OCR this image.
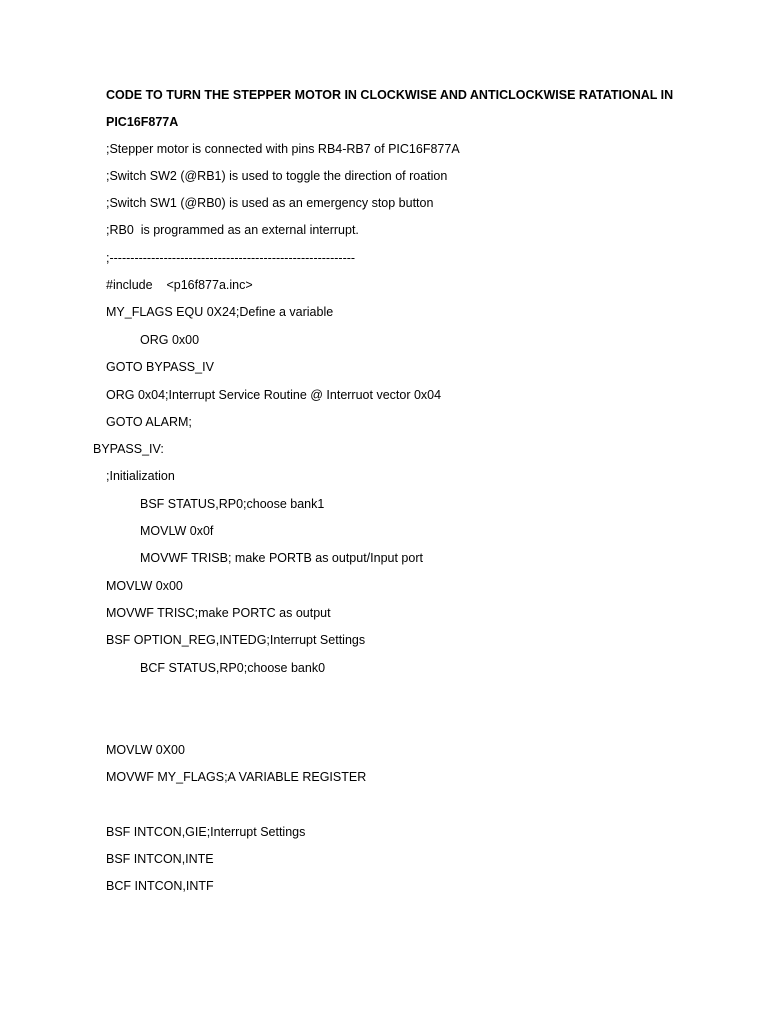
CODE TO TURN THE STEPPER MOTOR IN CLOCKWISE AND ANTICLOCKWISE RATATIONAL IN
PIC16F877A
;Stepper motor is connected with pins RB4-RB7 of PIC16F877A
;Switch SW2 (@RB1) is used to toggle the direction of roation
;Switch SW1 (@RB0) is used as an emergency stop button
;RB0  is programmed as an external interrupt.
;-----------------------------------------------------------
#include    <p16f877a.inc>
MY_FLAGS EQU 0X24;Define a variable
ORG 0x00
GOTO BYPASS_IV
ORG 0x04;Interrupt Service Routine @ Interruot vector 0x04
GOTO ALARM;
BYPASS_IV:
;Initialization
BSF STATUS,RP0;choose bank1
MOVLW 0x0f
MOVWF TRISB; make PORTB as output/Input port
MOVLW 0x00
MOVWF TRISC;make PORTC as output
BSF OPTION_REG,INTEDG;Interrupt Settings
BCF STATUS,RP0;choose bank0
MOVLW 0X00
MOVWF MY_FLAGS;A VARIABLE REGISTER
BSF INTCON,GIE;Interrupt Settings
BSF INTCON,INTE
BCF INTCON,INTF
